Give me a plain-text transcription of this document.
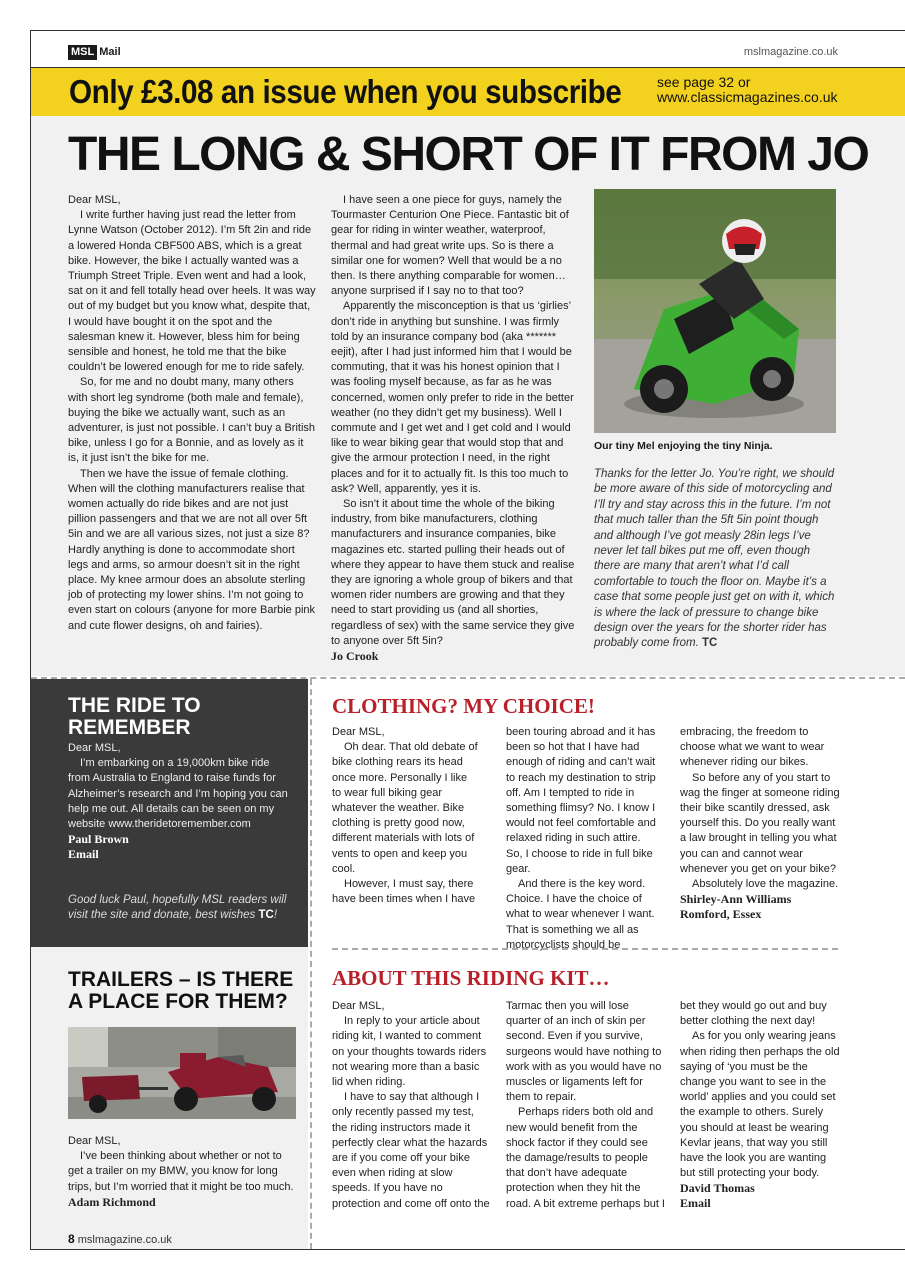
MSL Mail	mslmagazine.co.uk
Only £3.08 an issue when you subscribe	see page 32 or
www.classicmagazines.co.uk
THE LONG & SHORT OF IT FROM JO

Dear MSL,

I write further having just read the letter from Lynne Watson (October 2012). I’m 5ft 2in and ride a lowered Honda CBF500 ABS, which is a great bike. However, the bike I actually wanted was a Triumph Street Triple. Even went and had a look, sat on it and fell totally head over heels. It was way out of my budget but you know what, despite that, I would have bought it on the spot and the salesman knew it. However, bless him for being sensible and honest, he told me that the bike couldn’t be lowered enough for me to ride safely.

So, for me and no doubt many, many others with short leg syndrome (both male and female), buying the bike we actually want, such as an adventurer, is just not possible. I can’t buy a British bike, unless I go for a Bonnie, and as lovely as it is, it just isn’t the bike for me.

Then we have the issue of female clothing. When will the clothing manufacturers realise that women actually do ride bikes and are not just pillion passengers and that we are not all over 5ft 5in and we are all various sizes, not just a size 8? Hardly anything is done to accommodate short legs and arms, so armour doesn’t sit in the right place. My knee armour does an absolute sterling job of protecting my lower shins. I’m not going to even start on colours (anyone for more Barbie pink and cute flower designs, oh and fairies).

I have seen a one piece for guys, namely the Tourmaster Centurion One Piece. Fantastic bit of gear for riding in winter weather, waterproof, thermal and had great write ups. So is there a similar one for women? Well that would be a no then. Is there anything comparable for women… anyone surprised if I say no to that too?

Apparently the misconception is that us ‘girlies’ don’t ride in anything but sunshine. I was firmly told by an insurance company bod (aka ******* eejit), after I had just informed him that I would be commuting, that it was his honest opinion that I was fooling myself because, as far as he was concerned, women only prefer to ride in the better weather (no they didn’t get my business). Well I commute and I get wet and I get cold and I would like to wear biking gear that would stop that and give the armour protection I need, in the right places and for it to actually fit. Is this too much to ask? Well, apparently, yes it is.

So isn’t it about time the whole of the biking industry, from bike manufacturers, clothing manufacturers and insurance companies, bike magazines etc. started pulling their heads out of where they appear to have them stuck and realise they are ignoring a whole group of bikers and that women rider numbers are growing and that they need to start providing us (and all shorties, regardless of sex) with the same service they give to anyone over 5ft 5in?

Jo Crook
Our tiny Mel enjoying the tiny Ninja.
Thanks for the letter Jo. You’re right, we should be more aware of this side of motorcycling and I’ll try and stay across this in the future. I’m not that much taller than the 5ft 5in point though and although I’ve got measly 28in legs I’ve never let tall bikes put me off, even though there are many that aren’t what I’d call comfortable to touch the floor on. Maybe it’s a case that some people just get on with it, which is where the lack of pressure to change bike design over the years for the shorter rider has probably come from. TC
THE RIDE TO REMEMBER

Dear MSL,

I’m embarking on a 19,000km bike ride from Australia to England to raise funds for Alzheimer’s research and I’m hoping you can help me out. All details can be seen on my website www.theridetoremember.com

Paul Brown
Email
Good luck Paul, hopefully MSL readers will visit the site and donate, best wishes TC!
TRAILERS – IS THERE A PLACE FOR THEM?

Dear MSL,

I’ve been thinking about whether or not to get a trailer on my BMW, you know for long trips, but I’m worried that it might be too much.

Adam Richmond
CLOTHING? MY CHOICE!

Dear MSL,

Oh dear. That old debate of bike clothing rears its head once more. Personally I like to wear full biking gear whatever the weather. Bike clothing is pretty good now, different materials with lots of vents to open and keep you cool.

However, I must say, there have been times when I have

been touring abroad and it has been so hot that I have had enough of riding and can’t wait to reach my destination to strip off. Am I tempted to ride in something flimsy? No. I know I would not feel comfortable and relaxed riding in such attire. So, I choose to ride in full bike gear.

And there is the key word. Choice. I have the choice of what to wear whenever I want. That is something we all as motorcyclists should be

embracing, the freedom to choose what we want to wear whenever riding our bikes.

So before any of you start to wag the finger at someone riding their bike scantily dressed, ask yourself this. Do you really want a law brought in telling you what you can and cannot wear whenever you get on your bike?

Absolutely love the magazine.

Shirley-Ann Williams
Romford, Essex
ABOUT THIS RIDING KIT…

Dear MSL,

In reply to your article about riding kit, I wanted to comment on your thoughts towards riders not wearing more than a basic lid when riding.

I have to say that although I only recently passed my test, the riding instructors made it perfectly clear what the hazards are if you come off your bike even when riding at slow speeds. If you have no protection and come off onto the

Tarmac then you will lose quarter of an inch of skin per second. Even if you survive, surgeons would have nothing to work with as you would have no muscles or ligaments left for them to repair.

Perhaps riders both old and new would benefit from the shock factor if they could see the damage/results to people that don’t have adequate protection when they hit the road. A bit extreme perhaps but I

bet they would go out and buy better clothing the next day!

As for you only wearing jeans when riding then perhaps the old saying of ‘you must be the change you want to see in the world’ applies and you could set the example to others. Surely you should at least be wearing Kevlar jeans, that way you still have the look you are wanting but still protecting your body.

David Thomas
Email
8 mslmagazine.co.uk
